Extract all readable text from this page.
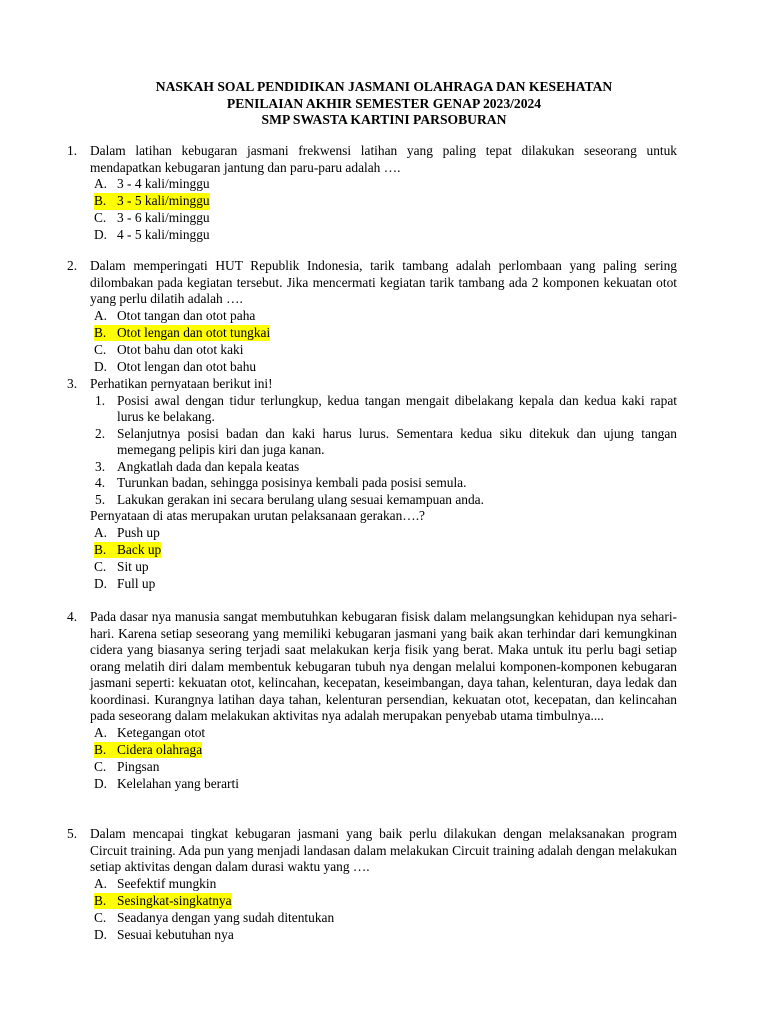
NASKAH SOAL PENDIDIKAN JASMANI OLAHRAGA DAN KESEHATAN
PENILAIAN AKHIR SEMESTER GENAP 2023/2024
SMP SWASTA KARTINI PARSOBURAN
1. Dalam latihan kebugaran jasmani frekwensi latihan yang paling tepat dilakukan seseorang untuk mendapatkan kebugaran jantung dan paru-paru adalah ….
A. 3 - 4 kali/minggu
B. 3 - 5 kali/minggu
C. 3 - 6 kali/minggu
D. 4 - 5 kali/minggu
2. Dalam memperingati HUT Republik Indonesia, tarik tambang adalah perlombaan yang paling sering dilombakan pada kegiatan tersebut. Jika mencermati kegiatan tarik tambang ada 2 komponen kekuatan otot yang perlu dilatih adalah ….
A. Otot tangan dan otot paha
B. Otot lengan dan otot tungkai
C. Otot bahu dan otot kaki
D. Otot lengan dan otot bahu
3. Perhatikan pernyataan berikut ini!
1. Posisi awal dengan tidur terlungkup, kedua tangan mengait dibelakang kepala dan kedua kaki rapat lurus ke belakang.
2. Selanjutnya posisi badan dan kaki harus lurus. Sementara kedua siku ditekuk dan ujung tangan memegang pelipis kiri dan juga kanan.
3. Angkatlah dada dan kepala keatas
4. Turunkan badan, sehingga posisinya kembali pada posisi semula.
5. Lakukan gerakan ini secara berulang ulang sesuai kemampuan anda.
Pernyataan di atas merupakan urutan pelaksanaan gerakan….?
A. Push up
B. Back up
C. Sit up
D. Full up
4. Pada dasar nya manusia sangat membutuhkan kebugaran fisisk dalam melangsungkan kehidupan nya sehari-hari. Karena setiap seseorang yang memiliki kebugaran jasmani yang baik akan terhindar dari kemungkinan cidera yang biasanya sering terjadi saat melakukan kerja fisik yang berat. Maka untuk itu perlu bagi setiap orang melatih diri dalam membentuk kebugaran tubuh nya dengan melalui komponen-komponen kebugaran jasmani seperti: kekuatan otot, kelincahan, kecepatan, keseimbangan, daya tahan, kelenturan, daya ledak dan koordinasi. Kurangnya latihan daya tahan, kelenturan persendian, kekuatan otot, kecepatan, dan kelincahan pada seseorang dalam melakukan aktivitas nya adalah merupakan penyebab utama timbulnya....
A. Ketegangan otot
B. Cidera olahraga
C. Pingsan
D. Kelelahan yang berarti
5. Dalam mencapai tingkat kebugaran jasmani yang baik perlu dilakukan dengan melaksanakan program Circuit training. Ada pun yang menjadi landasan dalam melakukan Circuit training adalah dengan melakukan setiap aktivitas dengan dalam durasi waktu yang ….
A. Seefektif mungkin
B. Sesingkat-singkatnya
C. Seadanya dengan yang sudah ditentukan
D. Sesuai kebutuhan nya
